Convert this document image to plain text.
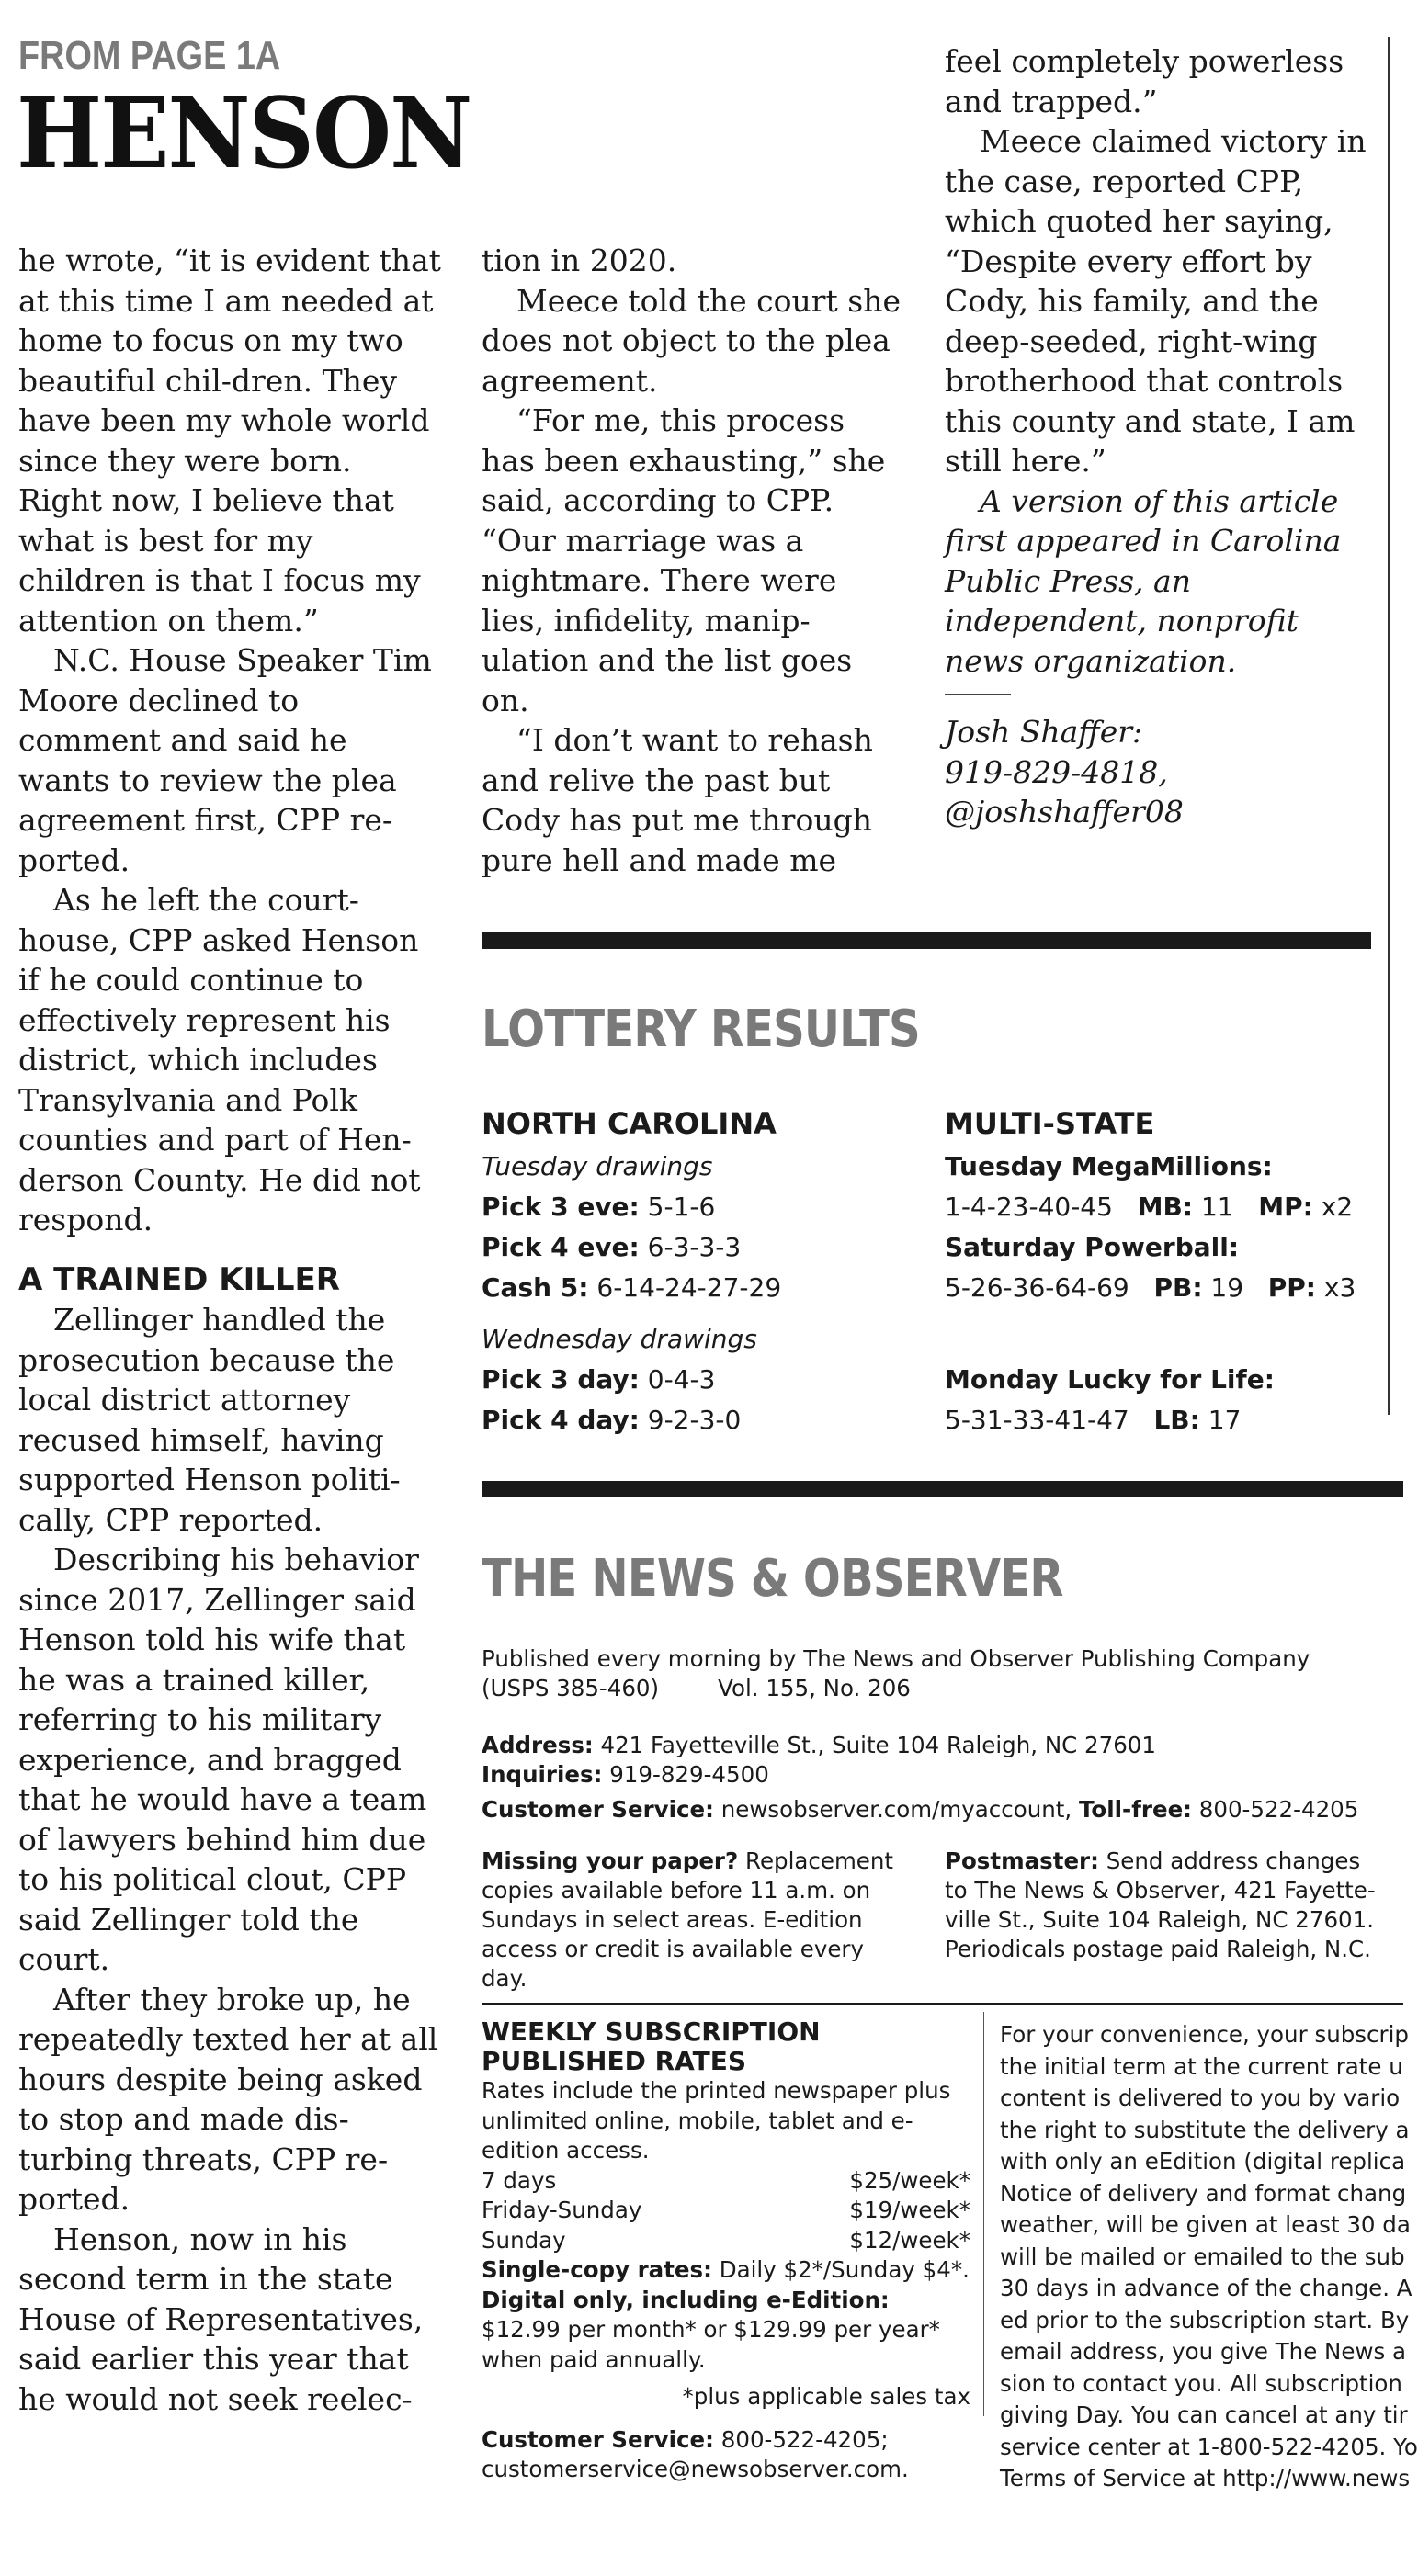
FROM PAGE 1A
HENSON

he wrote, “it is evident that at this time I am needed at home to focus on my two beautiful chil-dren. They have been my whole world since they were born. Right now, I believe that what is best for my children is that I focus my attention on them.”

N.C. House Speaker Tim Moore declined to comment and said he wants to review the plea agreement first, CPP re-ported.

As he left the court-house, CPP asked Henson if he could continue to effectively represent his district, which includes Transylvania and Polk counties and part of Hen-derson County. He did not respond.

A TRAINED KILLER

Zellinger handled the prosecution because the local district attorney recused himself, having supported Henson politi-cally, CPP reported.

Describing his behavior since 2017, Zellinger said Henson told his wife that he was a trained killer, referring to his military experience, and bragged that he would have a team of lawyers behind him due to his political clout, CPP said Zellinger told the court.

After they broke up, he repeatedly texted her at all hours despite being asked to stop and made dis-turbing threats, CPP re-ported.

Henson, now in his second term in the state House of Representatives, said earlier this year that he would not seek reelec-

tion in 2020.

Meece told the court she does not object to the plea agreement.

“For me, this process has been exhausting,” she said, according to CPP. “Our marriage was a nightmare. There were lies, infidelity, manip-ulation and the list goes on.

“I don’t want to rehash and relive the past but Cody has put me through pure hell and made me

feel completely powerless and trapped.”

Meece claimed victory in the case, reported CPP, which quoted her saying, “Despite every effort by Cody, his family, and the deep-seeded, right-wing brotherhood that controls this county and state, I am still here.”

A version of this article first appeared in Carolina Public Press, an independent, nonprofit news organization.

Josh Shaffer:

919-829-4818,

@joshshaffer08

LOTTERY RESULTS
NORTH CAROLINA
Tuesday drawings
Pick 3 eve: 5-1-6
Pick 4 eve: 6-3-3-3
Cash 5: 6-14-24-27-29
Wednesday drawings
Pick 3 day: 0-4-3
Pick 4 day: 9-2-3-0
MULTI-STATE
Tuesday MegaMillions:
1-4-23-40-45 MB: 11 MP: x2
Saturday Powerball:
5-26-36-64-69 PB: 19 PP: x3
Monday Lucky for Life:
5-31-33-41-47 LB: 17
THE NEWS & OBSERVER

Published every morning by The News and Observer Publishing Company

(USPS 385-460)	Vol. 155, No. 206

Address: 421 Fayetteville St., Suite 104 Raleigh, NC 27601

Inquiries: 919-829-4500

Customer Service: newsobserver.com/myaccount, Toll-free: 800-522-4205

Missing your paper? Replacement copies available before 11 a.m. on Sundays in select areas. E-edition access or credit is available every day.

Postmaster: Send address changes to The News & Observer, 421 Fayette-ville St., Suite 104 Raleigh, NC 27601. Periodicals postage paid Raleigh, N.C.

WEEKLY SUBSCRIPTION

PUBLISHED RATES

Rates include the printed newspaper plus unlimited online, mobile, tablet and e-edition access.

7 days	$25/week*
Friday-Sunday	$19/week*
Sunday	$12/week*

Single-copy rates: Daily $2*/Sunday $4*.

Digital only, including e-Edition: $12.99 per month* or $129.99 per year* when paid annually.

*plus applicable sales tax

Customer Service: 800-522-4205;

customerservice@newsobserver.com.

For your convenience, your subscrip
the initial term at the current rate u
content is delivered to you by vario
the right to substitute the delivery a
with only an eEdition (digital replica
Notice of delivery and format chang
weather, will be given at least 30 da
will be mailed or emailed to the sub
30 days in advance of the change. A
ed prior to the subscription start. By
email address, you give The News a
sion to contact you. All subscription
giving Day. You can cancel at any tir
service center at 1-800-522-4205. Yo
Terms of Service at http://www.news
